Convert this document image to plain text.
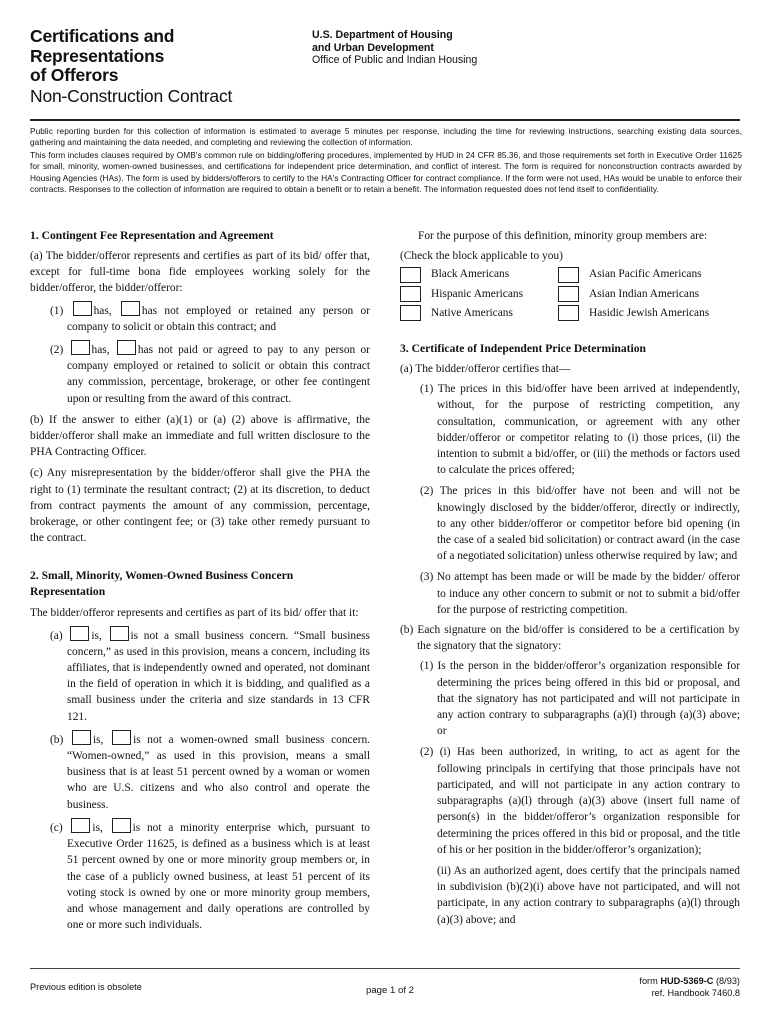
Certifications and
Representations
of Offerors
Non-Construction Contract
U.S. Department of Housing
and Urban Development
Office of Public and Indian Housing

Public reporting burden for this collection of information is estimated to average 5 minutes per response, including the time for reviewing instructions, searching existing data sources, gathering and maintaining the data needed, and completing and reviewing the collection of information.

This form includes clauses required by OMB's common rule on bidding/offering procedures, implemented by HUD in 24 CFR 85.36, and those requirements set forth in Executive Order 11625 for small, minority, women-owned businesses, and certifications for independent price determination, and conflict of interest. The form is required for nonconstruction contracts awarded by Housing Agencies (HAs). The form is used by bidders/offerors to certify to the HA's Contracting Officer for contract compliance. If the form were not used, HAs would be unable to enforce their contracts. Responses to the collection of information are required to obtain a benefit or to retain a benefit. The information requested does not lend itself to confidentiality.

1. Contingent Fee Representation and Agreement

(a) The bidder/offeror represents and certifies as part of its bid/ offer that, except for full-time bona fide employees working solely for the bidder/offeror, the bidder/offeror:

(1)	has,	has not employed or retained any person or company to solicit or obtain this contract; and

(2) has, has not paid or agreed to pay to any person or company employed or retained to solicit or obtain this contract any commission, percentage, brokerage, or other fee contingent upon or resulting from the award of this contract.

(b) If the answer to either (a)(1) or (a) (2) above is affirmative, the bidder/offeror shall make an immediate and full written disclosure to the PHA Contracting Officer.

(c) Any misrepresentation by the bidder/offeror shall give the PHA the right to (1) terminate the resultant contract; (2) at its discretion, to deduct from contract payments the amount of any commission, percentage, brokerage, or other contingent fee; or (3) take other remedy pursuant to the contract.

2. Small, Minority, Women-Owned Business Concern Representation

The bidder/offeror represents and certifies as part of its bid/ offer that it:

(a)	is,	is not a small business concern. “Small business concern,” as used in this provision, means a concern, including its affiliates, that is independently owned and operated, not dominant in the field of operation in which it is bidding, and qualified as a small business under the criteria and size standards in 13 CFR 121.

(b)	is,	is not a women-owned small business concern. “Women-owned,” as used in this provision, means a small business that is at least 51 percent owned by a woman or women who are U.S. citizens and who also control and operate the business.

(c)	is,	is not a minority enterprise which, pursuant to Executive Order 11625, is defined as a business which is at least 51 percent owned by one or more minority group members or, in the case of a publicly owned business, at least 51 percent of its voting stock is owned by one or more minority group members, and whose management and daily operations are controlled by one or more such individuals.

For the purpose of this definition, minority group members are:

(Check the block applicable to you)

Black Americans	Asian Pacific Americans
Hispanic Americans	Asian Indian Americans
Native Americans	Hasidic Jewish Americans
3. Certificate of Independent Price Determination

(a) The bidder/offeror certifies that—

(1) The prices in this bid/offer have been arrived at independently, without, for the purpose of restricting competition, any consultation, communication, or agreement with any other bidder/offeror or competitor relating to (i) those prices, (ii) the intention to submit a bid/offer, or (iii) the methods or factors used to calculate the prices offered;

(2) The prices in this bid/offer have not been and will not be knowingly disclosed by the bidder/offeror, directly or indirectly, to any other bidder/offeror or competitor before bid opening (in the case of a sealed bid solicitation) or contract award (in the case of a negotiated solicitation) unless otherwise required by law; and

(3) No attempt has been made or will be made by the bidder/ offeror to induce any other concern to submit or not to submit a bid/offer for the purpose of restricting competition.

(b) Each signature on the bid/offer is considered to be a certification by the signatory that the signatory:

(1) Is the person in the bidder/offeror’s organization responsible for determining the prices being offered in this bid or proposal, and that the signatory has not participated and will not participate in any action contrary to subparagraphs (a)(l) through (a)(3) above; or

(2) (i) Has been authorized, in writing, to act as agent for the following principals in certifying that those principals have not participated, and will not participate in any action contrary to subparagraphs (a)(l) through (a)(3) above (insert full name of person(s) in the bidder/offeror’s organization responsible for determining the prices offered in this bid or proposal, and the title of his or her position in the bidder/offeror’s organization);

(ii) As an authorized agent, does certify that the principals named in subdivision (b)(2)(i) above have not participated, and will not participate, in any action contrary to subparagraphs (a)(l) through (a)(3) above; and

Previous edition is obsolete	page 1 of 2
form HUD-5369-C (8/93)
ref. Handbook 7460.8
